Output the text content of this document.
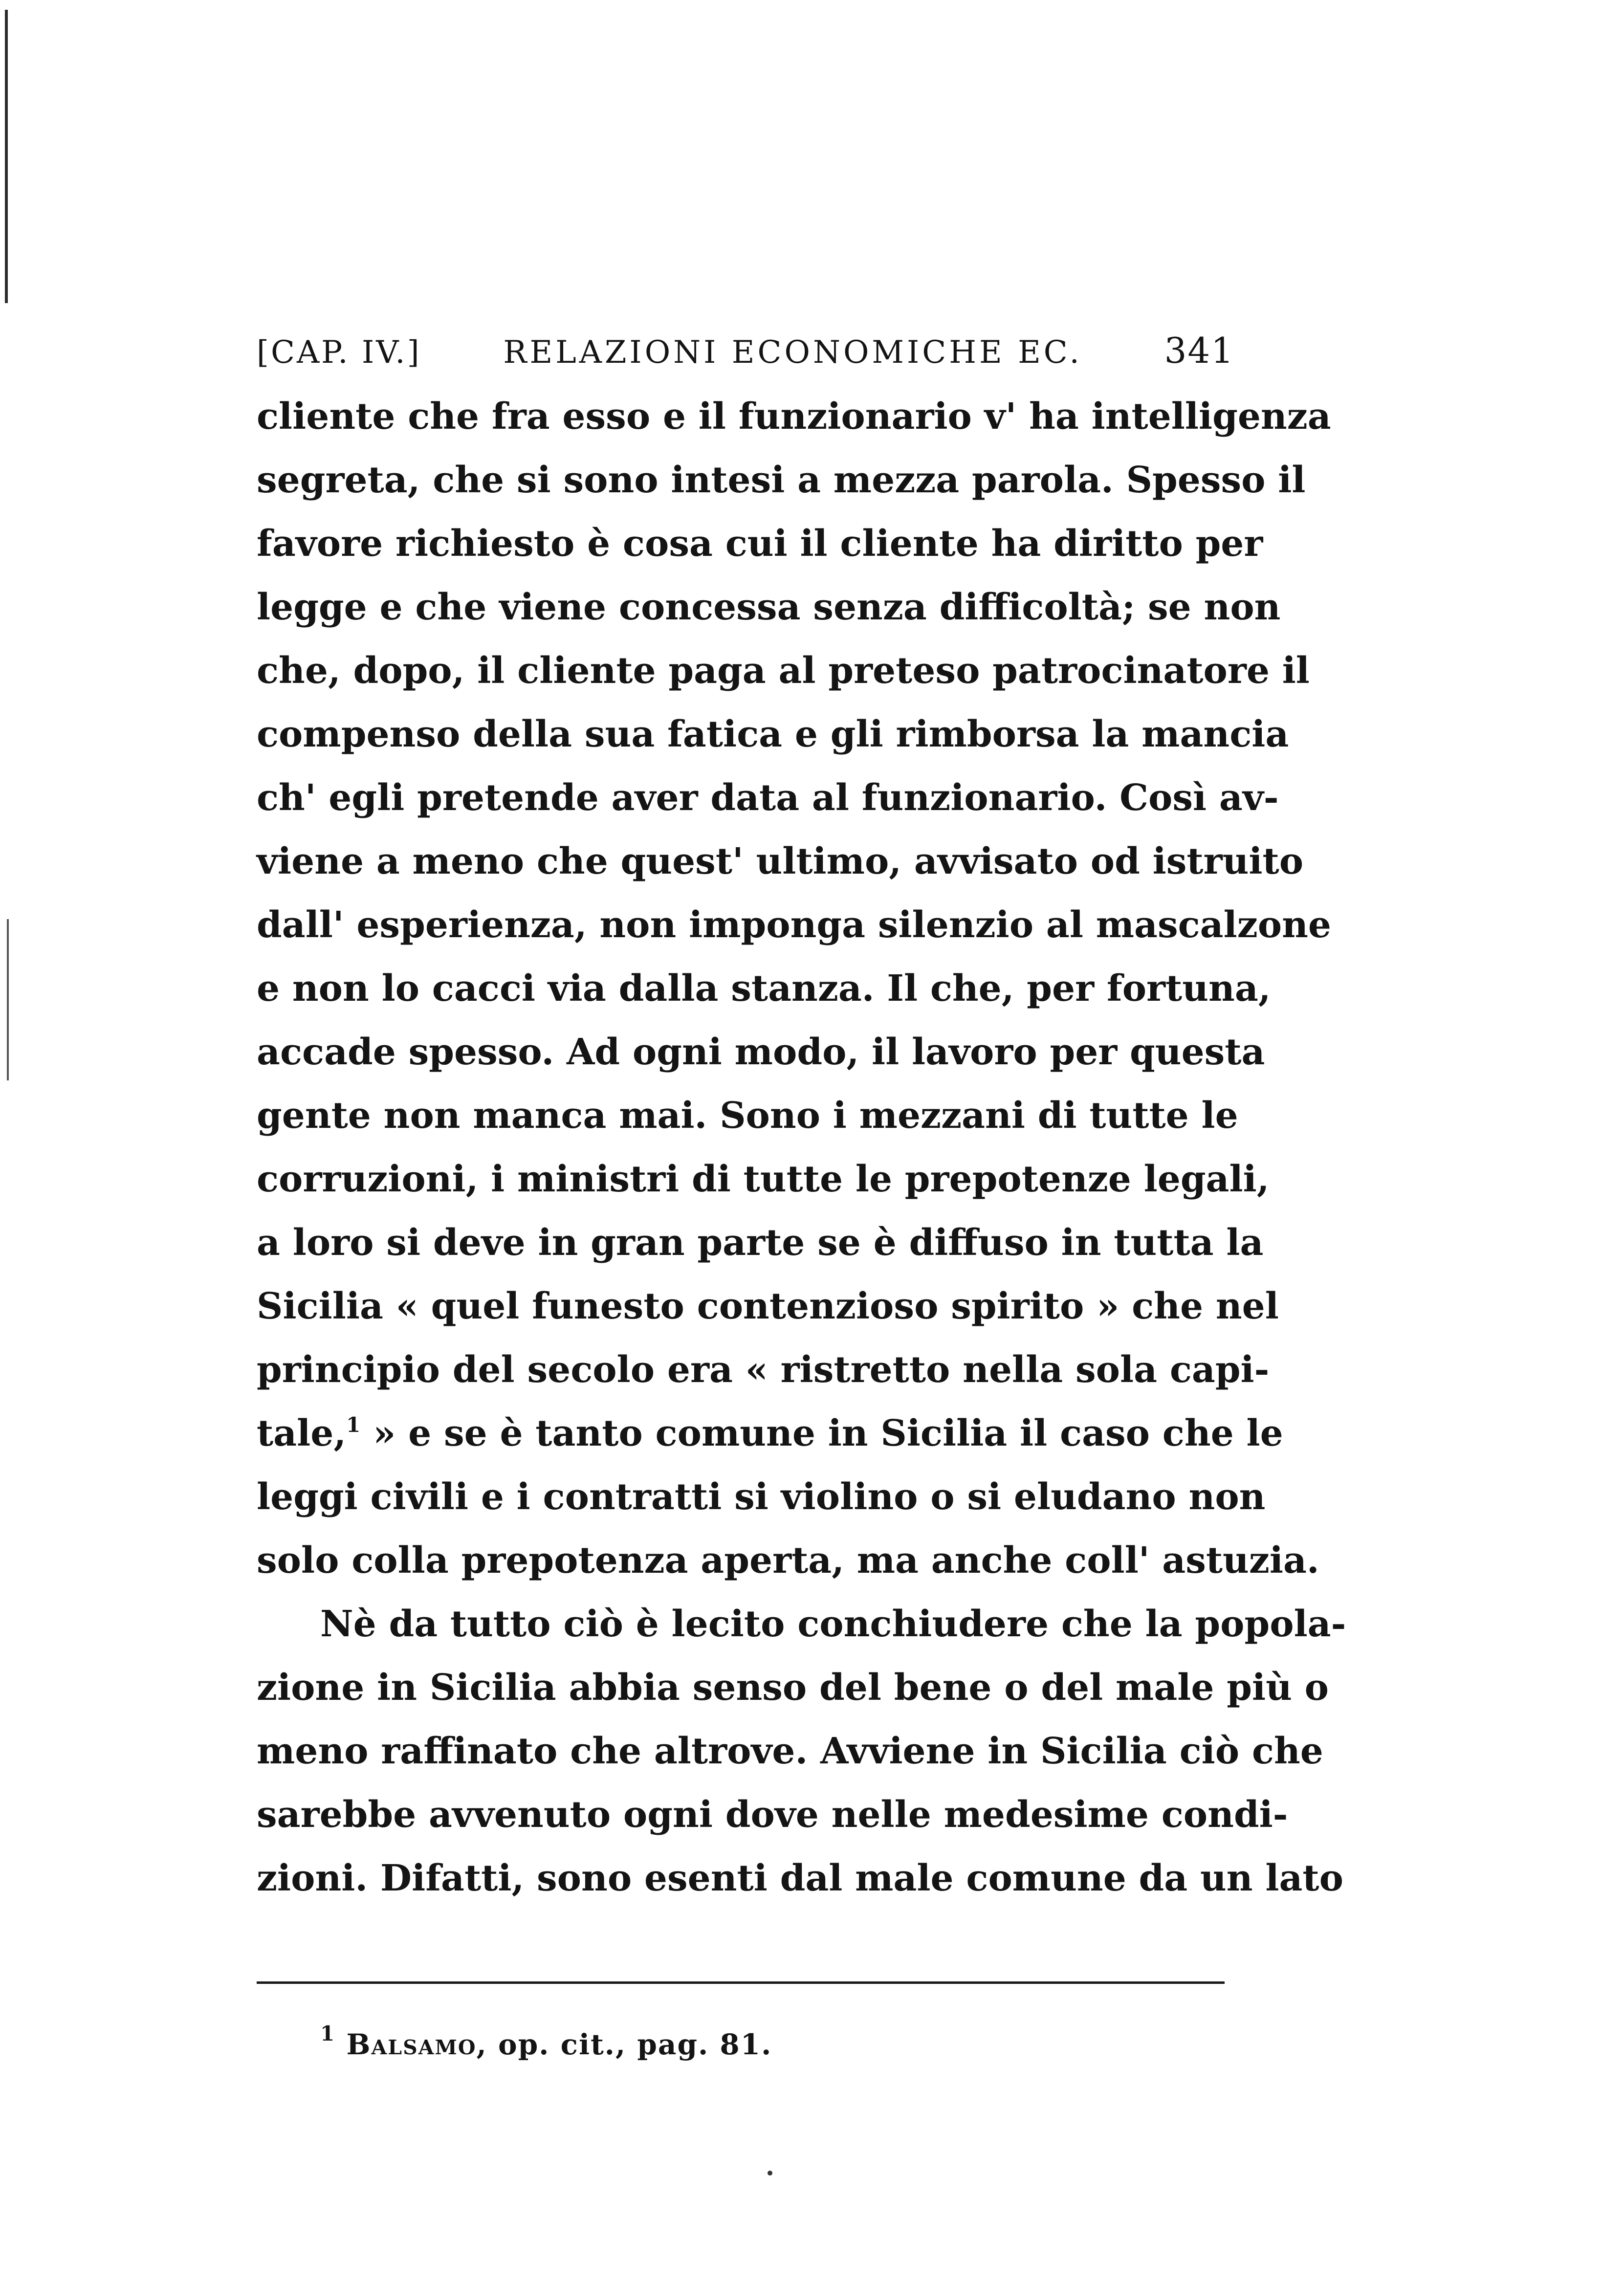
[CAP. IV.]	RELAZIONI ECONOMICHE EC. 341
cliente che fra esso e il funzionario v' ha intelligenza
segreta, che si sono intesi a mezza parola. Spesso il
favore richiesto è cosa cui il cliente ha diritto per
legge e che viene concessa senza difficoltà; se non
che, dopo, il cliente paga al preteso patrocinatore il
compenso della sua fatica e gli rimborsa la mancia
ch' egli pretende aver data al funzionario. Così av-
viene a meno che quest' ultimo, avvisato od istruito
dall' esperienza, non imponga silenzio al mascalzone
e non lo cacci via dalla stanza. Il che, per fortuna,
accade spesso. Ad ogni modo, il lavoro per questa
gente non manca mai. Sono i mezzani di tutte le
corruzioni, i ministri di tutte le prepotenze legali,
a loro si deve in gran parte se è diffuso in tutta la
Sicilia « quel funesto contenzioso spirito » che nel
principio del secolo era « ristretto nella sola capi-
tale,$^1$ » e se è tanto comune in Sicilia il caso che le
leggi civili e i contratti si violino o si eludano non
solo colla prepotenza aperta, ma anche coll' astuzia.
Nè da tutto ciò è lecito conchiudere che la popola-
zione in Sicilia abbia senso del bene o del male più o
meno raffinato che altrove. Avviene in Sicilia ciò che
sarebbe avvenuto ogni dove nelle medesime condi-
zioni. Difatti, sono esenti dal male comune da un lato
$^1$ Balsamo, op. cit., pag. 81.
